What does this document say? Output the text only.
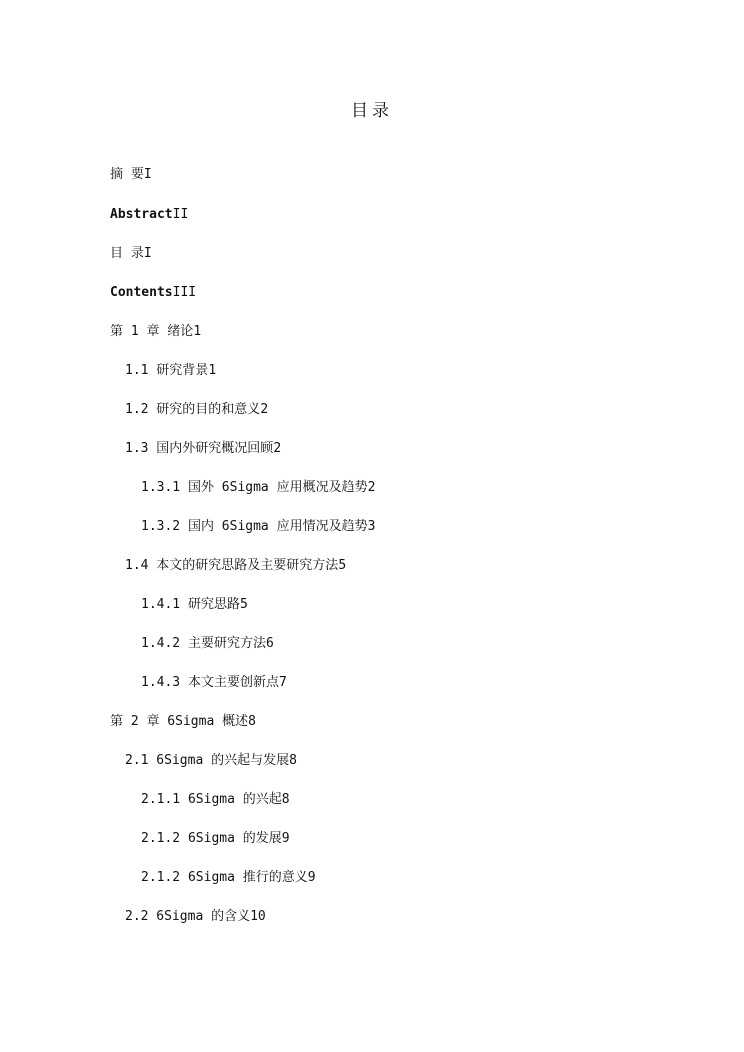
目录
摘 要I
AbstractII
目 录I
ContentsIII
第 1 章 绪论1
1.1 研究背景1
1.2 研究的目的和意义2
1.3 国内外研究概况回顾2
1.3.1 国外 6Sigma 应用概况及趋势2
1.3.2 国内 6Sigma 应用情况及趋势3
1.4 本文的研究思路及主要研究方法5
1.4.1 研究思路5
1.4.2 主要研究方法6
1.4.3 本文主要创新点7
第 2 章 6Sigma 概述8
2.1 6Sigma 的兴起与发展8
2.1.1 6Sigma 的兴起8
2.1.2 6Sigma 的发展9
2.1.2 6Sigma 推行的意义9
2.2 6Sigma 的含义10
